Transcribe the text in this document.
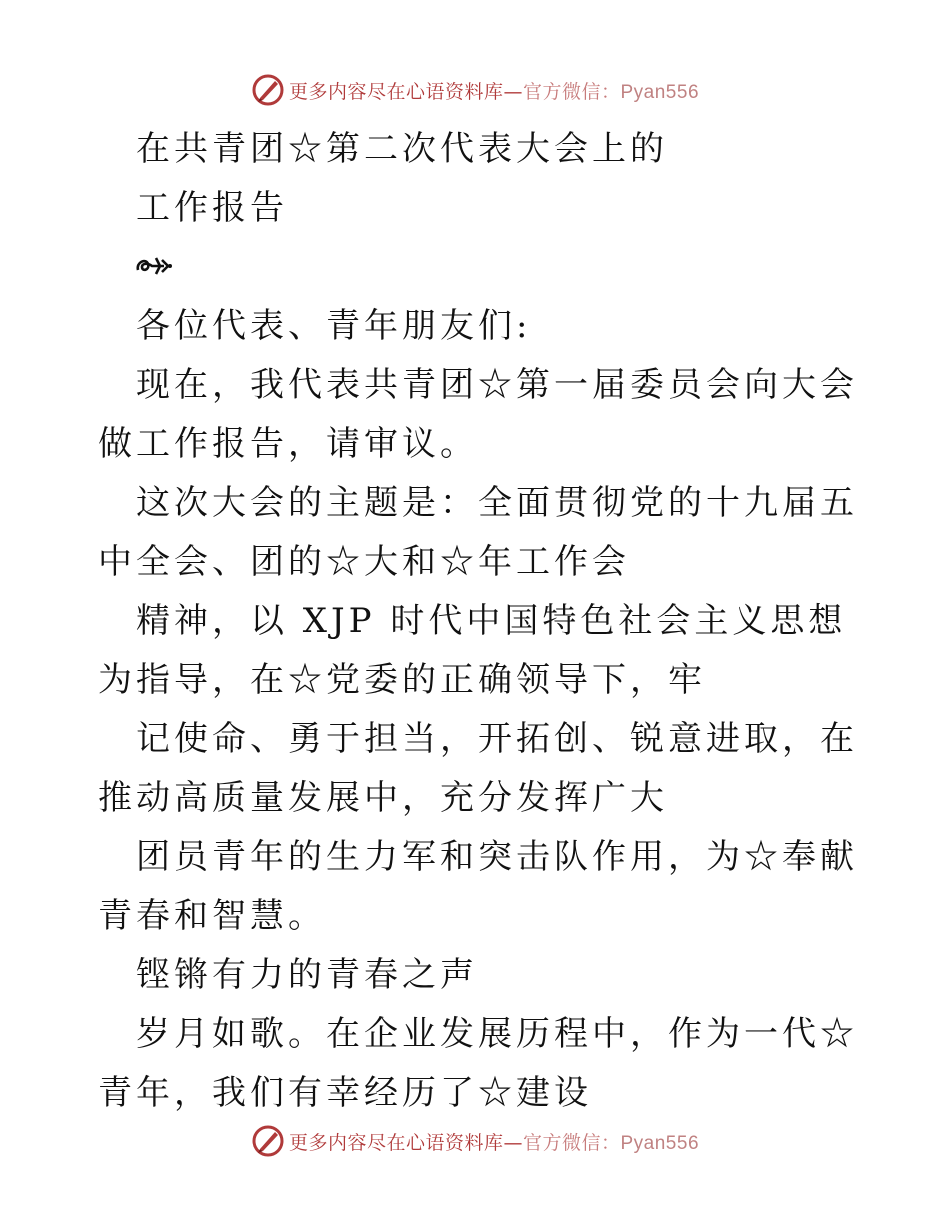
更多内容尽在心语资料库—官方微信：Pyan556

在共青团☆第二次代表大会上的

工作报告

各位代表、青年朋友们:

现在，我代表共青团☆第一届委员会向大会做工作报告，请审议。

这次大会的主题是：全面贯彻党的十九届五中全会、团的☆大和☆年工作会

精神，以 XJP 时代中国特色社会主义思想为指导，在☆党委的正确领导下，牢

记使命、勇于担当，开拓创、锐意进取，在推动高质量发展中，充分发挥广大

团员青年的生力军和突击队作用，为☆奉献青春和智慧。

铿锵有力的青春之声

岁月如歌。在企业发展历程中，作为一代☆青年，我们有幸经历了☆建设

更多内容尽在心语资料库—官方微信：Pyan556
